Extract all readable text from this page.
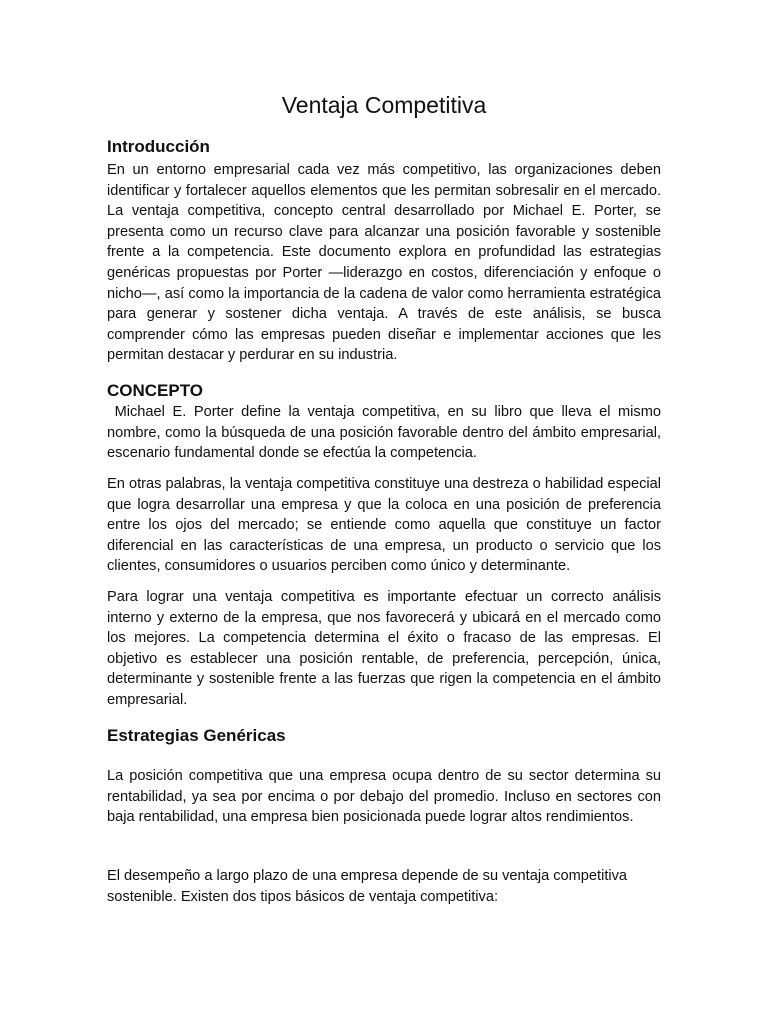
Ventaja Competitiva
Introducción

En un entorno empresarial cada vez más competitivo, las organizaciones deben identificar y fortalecer aquellos elementos que les permitan sobresalir en el mercado. La ventaja competitiva, concepto central desarrollado por Michael E. Porter, se presenta como un recurso clave para alcanzar una posición favorable y sostenible frente a la competencia. Este documento explora en profundidad las estrategias genéricas propuestas por Porter —liderazgo en costos, diferenciación y enfoque o nicho—, así como la importancia de la cadena de valor como herramienta estratégica para generar y sostener dicha ventaja. A través de este análisis, se busca comprender cómo las empresas pueden diseñar e implementar acciones que les permitan destacar y perdurar en su industria.

CONCEPTO

Michael E. Porter define la ventaja competitiva, en su libro que lleva el mismo nombre, como la búsqueda de una posición favorable dentro del ámbito empresarial, escenario fundamental donde se efectúa la competencia.

En otras palabras, la ventaja competitiva constituye una destreza o habilidad especial que logra desarrollar una empresa y que la coloca en una posición de preferencia entre los ojos del mercado; se entiende como aquella que constituye un factor diferencial en las características de una empresa, un producto o servicio que los clientes, consumidores o usuarios perciben como único y determinante.

Para lograr una ventaja competitiva es importante efectuar un correcto análisis interno y externo de la empresa, que nos favorecerá y ubicará en el mercado como los mejores. La competencia determina el éxito o fracaso de las empresas. El objetivo es establecer una posición rentable, de preferencia, percepción, única, determinante y sostenible frente a las fuerzas que rigen la competencia en el ámbito empresarial.

Estrategias Genéricas

La posición competitiva que una empresa ocupa dentro de su sector determina su rentabilidad, ya sea por encima o por debajo del promedio. Incluso en sectores con baja rentabilidad, una empresa bien posicionada puede lograr altos rendimientos.

El desempeño a largo plazo de una empresa depende de su ventaja competitiva sostenible. Existen dos tipos básicos de ventaja competitiva:
